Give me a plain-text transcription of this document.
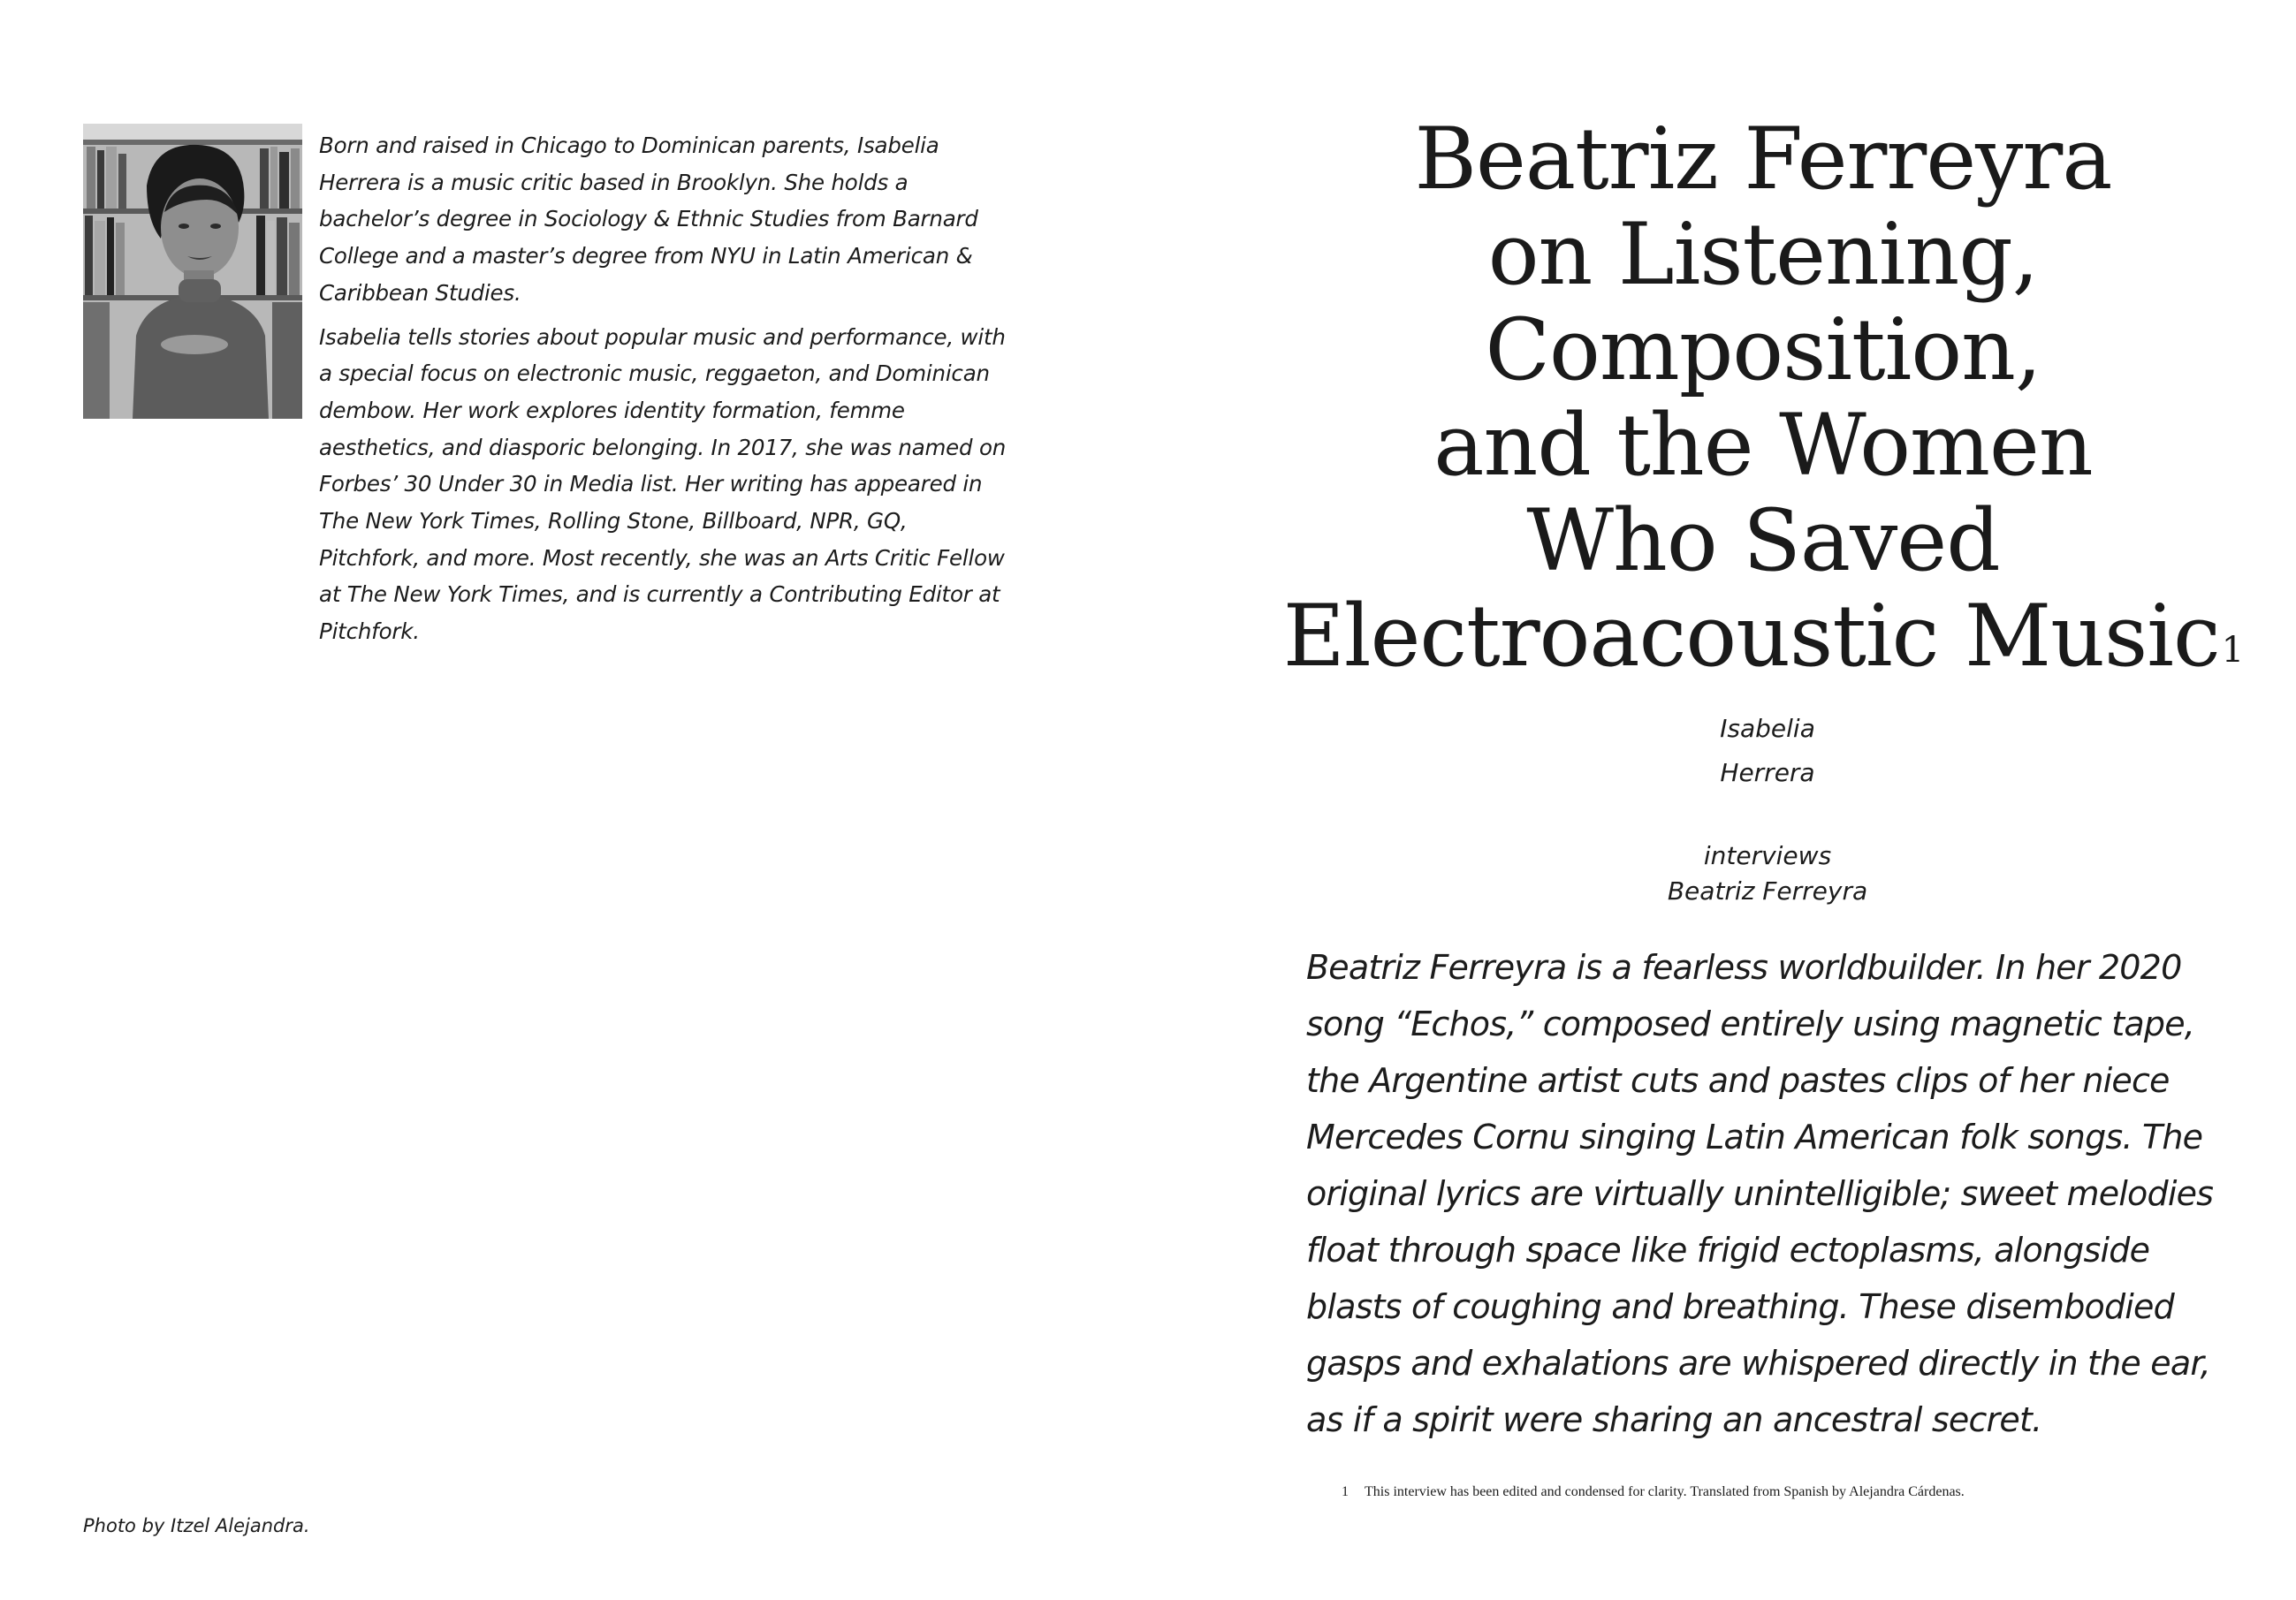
Born and raised in Chicago to Dominican parents, Isabelia Herrera is a music critic based in Brooklyn. She holds a bachelor’s degree in Sociology & Ethnic Studies from Barnard College and a master’s degree from NYU in Latin American & Caribbean Studies.

Isabelia tells stories about popular music and performance, with a special focus on electronic music, reggaeton, and Dominican dembow. Her work explores identity formation, femme aesthetics, and diasporic belonging. In 2017, she was named on Forbes’ 30 Under 30 in Media list. Her writing has appeared in The New York Times, Rolling Stone, Billboard, NPR, GQ, Pitchfork, and more. Most recently, she was an Arts Critic Fellow at The New York Times, and is currently a Contributing Editor at Pitchfork.

Photo by Itzel Alejandra.
Beatriz Ferreyra
on Listening,
Composition,
and the Women
Who Saved
Electroacoustic Music$^1$
Isabelia
Herrera
interviews
Beatriz Ferreyra

Beatriz Ferreyra is a fearless worldbuilder. In her 2020
song “Echos,” composed entirely using magnetic tape,
the Argentine artist cuts and pastes clips of her niece
Mercedes Cornu singing Latin American folk songs. The
original lyrics are virtually unintelligible; sweet melodies
float through space like frigid ectoplasms, alongside
blasts of coughing and breathing. These disembodied
gasps and exhalations are whispered directly in the ear,
as if a spirit were sharing an ancestral secret.

1 This interview has been edited and condensed for clarity. Translated from Spanish by Alejandra Cárdenas.
